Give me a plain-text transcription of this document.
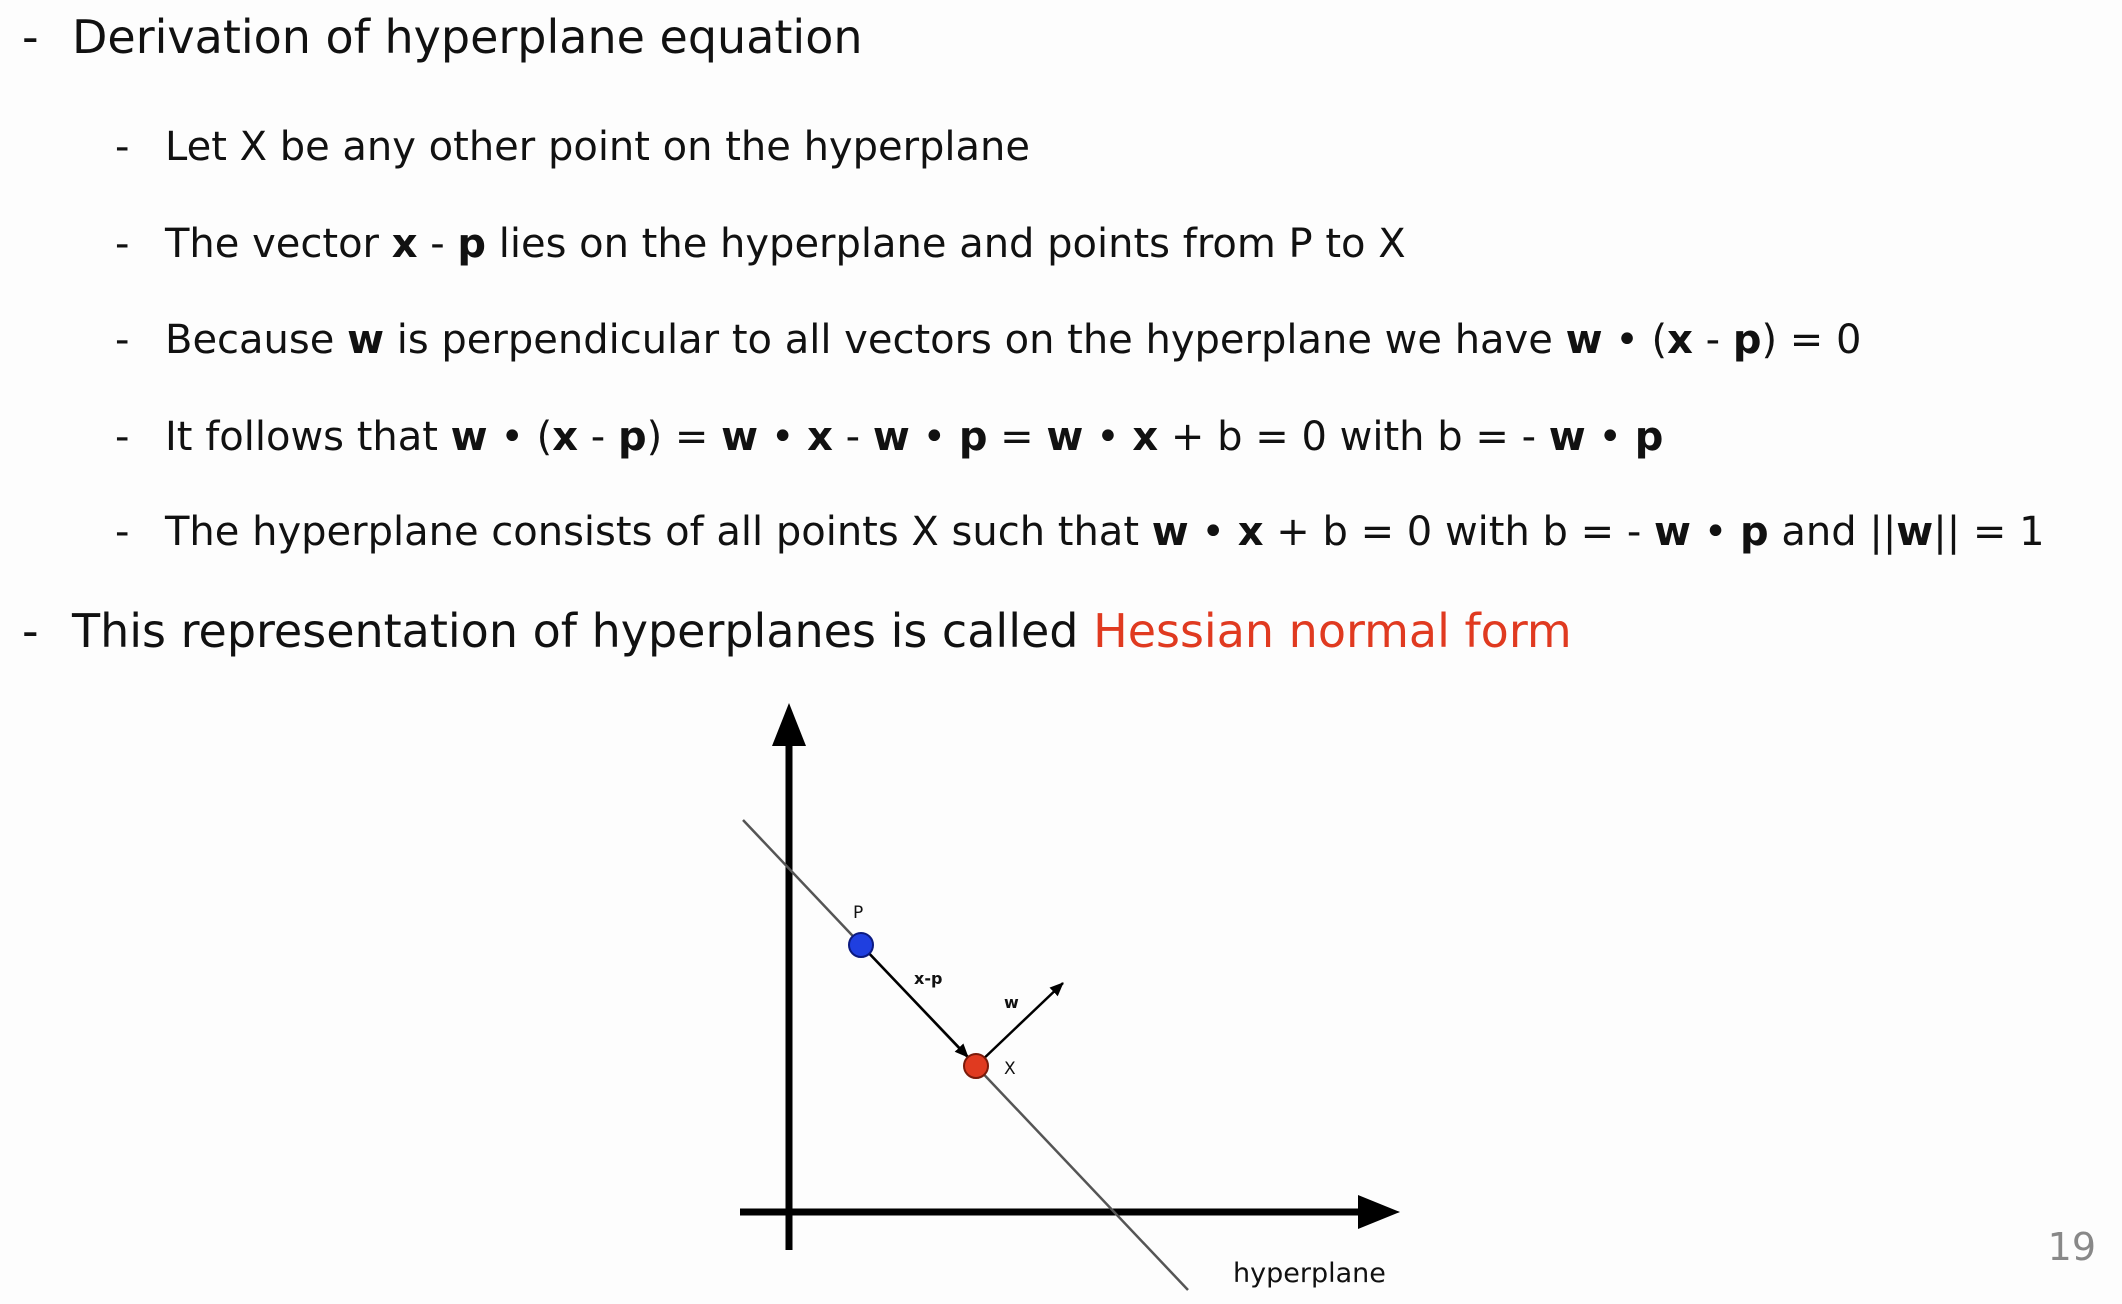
- Derivation of hyperplane equation
- Let X be any other point on the hyperplane
- The vector x - p lies on the hyperplane and points from P to X
- Because w is perpendicular to all vectors on the hyperplane we have w • (x - p) = 0
- It follows that w • (x - p) = w • x - w • p = w • x + b = 0 with b = - w • p
- The hyperplane consists of all points X such that w • x + b = 0 with b = - w • p and ||w|| = 1
- This representation of hyperplanes is called Hessian normal form
P
X
x-p
w
hyperplane
19
